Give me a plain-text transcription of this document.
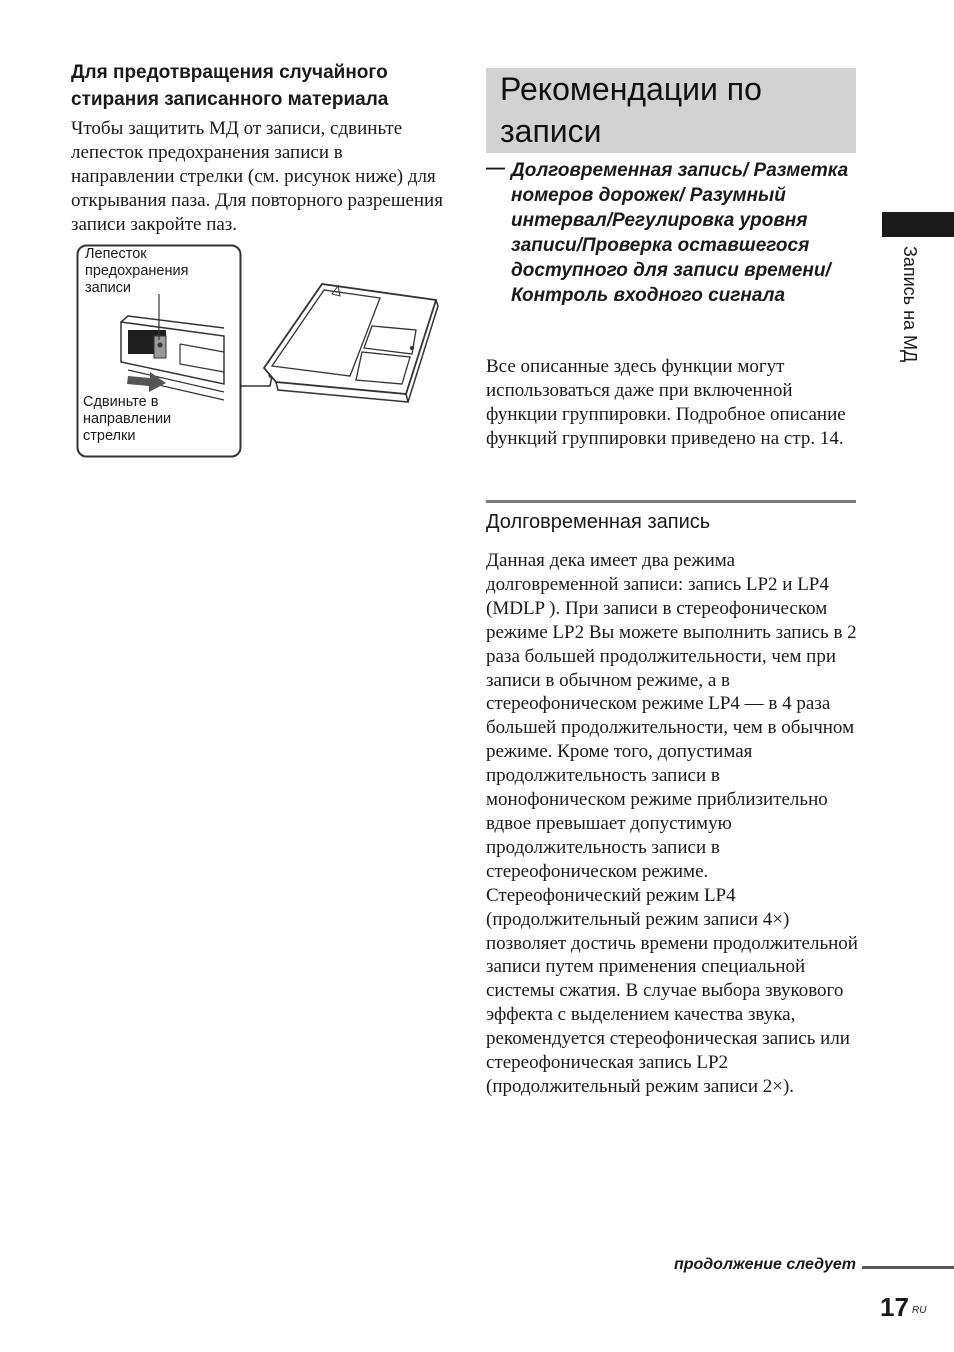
Для предотвращения случайного стирания записанного материала

Чтобы защитить МД от записи, сдвиньте лепесток предохранения записи в направлении стрелки (см. рисунок ниже) для открывания паза. Для повторного разрешения записи закройте паз.

Лепесток предохранения записи

Сдвиньте в направлении стрелки

Рекомендации по записи
— Долговременная запись/ Разметка номеров дорожек/ Разумный интервал/Регулировка уровня записи/Проверка оставшегося доступного для записи времени/Контроль входного сигнала

Все описанные здесь функции могут использоваться даже при включенной функции группировки. Подробное описание функций группировки приведено на стр. 14.

Долговременная запись

Данная дека имеет два режима долговременной записи: запись LP2 и LP4 (MDLP ). При записи в стереофоническом режиме LP2 Вы можете выполнить запись в 2 раза большей продолжительности, чем при записи в обычном режиме, а в стереофоническом режиме LP4 — в 4 раза большей продолжительности, чем в обычном режиме. Кроме того, допустимая продолжительность записи в монофоническом режиме приблизительно вдвое превышает допустимую продолжительность записи в стереофоническом режиме. Стереофонический режим LP4 (продолжительный режим записи 4×) позволяет достичь времени продолжительной записи путем применения специальной системы сжатия. В случае выбора звукового эффекта с выделением качества звука, рекомендуется стереофоническая запись или стереофоническая запись LP2 (продолжительный режим записи 2×).

Запись на МД

продолжение следует

17 RU
